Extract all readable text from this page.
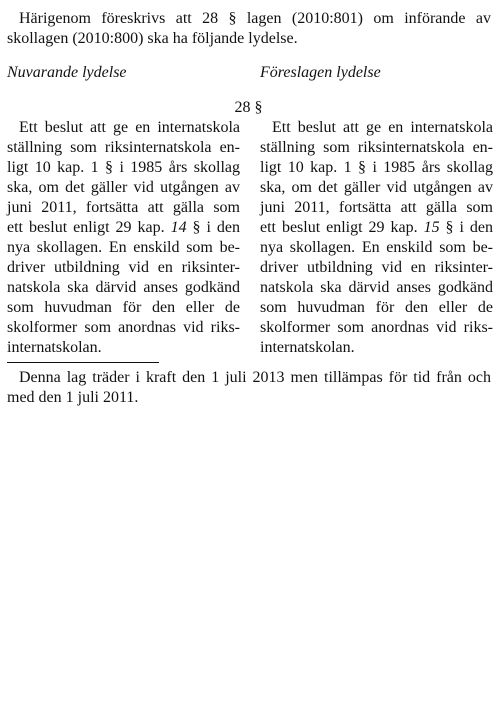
Härigenom föreskrivs att 28 § lagen (2010:801) om införande av skollagen (2010:800) ska ha följande lydelse.

Nuvarande lydelse	Föreslagen lydelse

28 §

Ett beslut att ge en internatskola
ställning som riksinternatskola en-
ligt 10 kap. 1 § i 1985 års skollag
ska, om det gäller vid utgången av
juni 2011, fortsätta att gälla som
ett beslut enligt 29 kap. 14 § i den
nya skollagen. En enskild som be-
driver utbildning vid en riksinter-
natskola ska därvid anses godkänd
som huvudman för den eller de
skolformer som anordnas vid riks-
internatskolan.
Ett beslut att ge en internatskola
ställning som riksinternatskola en-
ligt 10 kap. 1 § i 1985 års skollag
ska, om det gäller vid utgången av
juni 2011, fortsätta att gälla som
ett beslut enligt 29 kap. 15 § i den
nya skollagen. En enskild som be-
driver utbildning vid en riksinter-
natskola ska därvid anses godkänd
som huvudman för den eller de
skolformer som anordnas vid riks-
internatskolan.

Denna lag träder i kraft den 1 juli 2013 men tillämpas för tid från och med den 1 juli 2011.
